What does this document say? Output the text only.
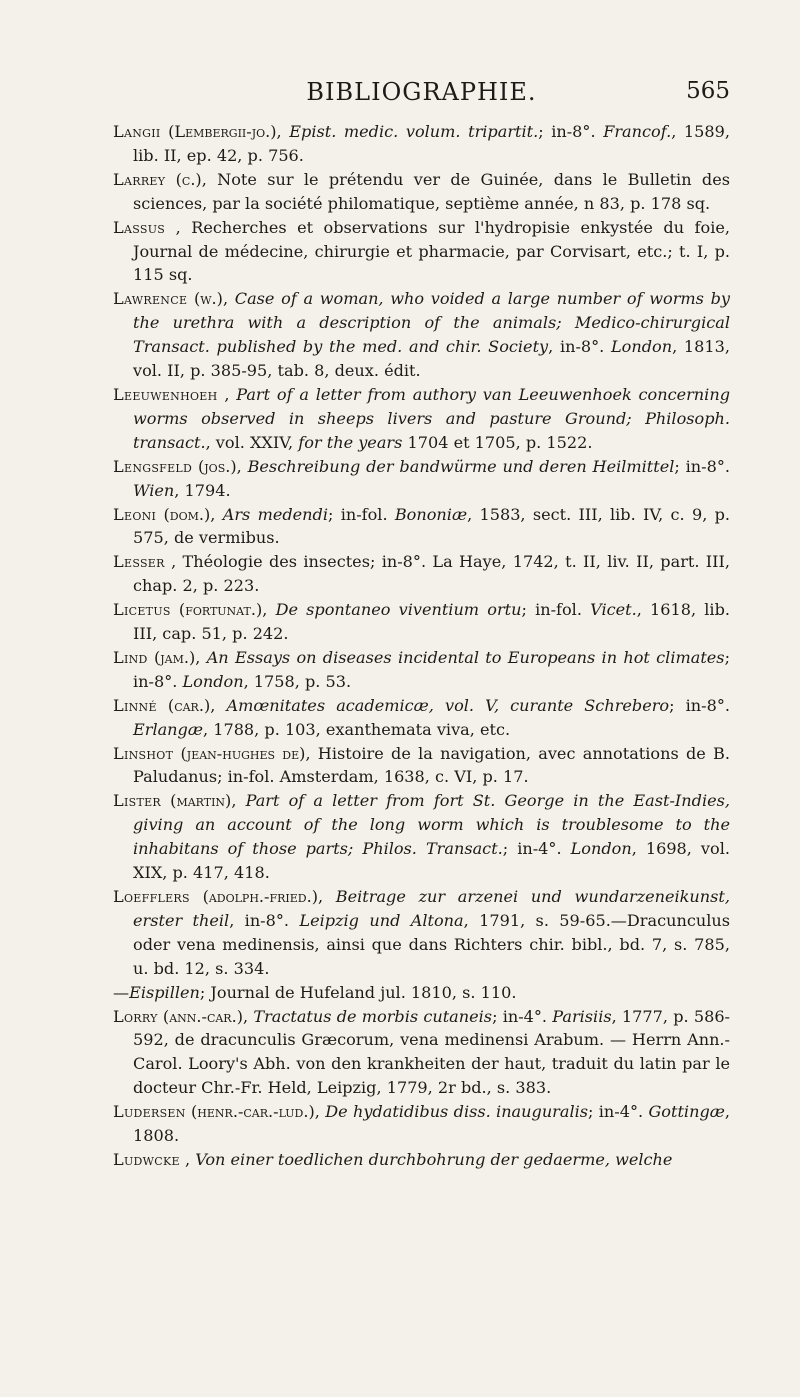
BIBLIOGRAPHIE.	565

Langii (Lembergii-jo.), Epist. medic. volum. tripartit.; in-8°. Francof., 1589, lib. II, ep. 42, p. 756.

Larrey (c.), Note sur le prétendu ver de Guinée, dans le Bulletin des sciences, par la société philomatique, septième année, n 83, p. 178 sq.

Lassus , Recherches et observations sur l'hydropisie enkystée du foie, Journal de médecine, chirurgie et pharmacie, par Corvisart, etc.; t. I, p. 115 sq.

Lawrence (w.), Case of a woman, who voided a large number of worms by the urethra with a description of the animals; Medico-chirurgical Transact. published by the med. and chir. Society, in-8°. London, 1813, vol. II, p. 385-95, tab. 8, deux. édit.

Leeuwenhoeh , Part of a letter from authory van Leeuwenhoek concerning worms observed in sheeps livers and pasture Ground; Philosoph. transact., vol. XXIV, for the years 1704 et 1705, p. 1522.

Lengsfeld (jos.), Beschreibung der bandwürme und deren Heilmittel; in-8°. Wien, 1794.

Leoni (dom.), Ars medendi; in-fol. Bononiæ, 1583, sect. III, lib. IV, c. 9, p. 575, de vermibus.

Lesser , Théologie des insectes; in-8°. La Haye, 1742, t. II, liv. II, part. III, chap. 2, p. 223.

Licetus (fortunat.), De spontaneo viventium ortu; in-fol. Vicet., 1618, lib. III, cap. 51, p. 242.

Lind (jam.), An Essays on diseases incidental to Europeans in hot climates; in-8°. London, 1758, p. 53.

Linné (car.), Amœnitates academicæ, vol. V, curante Schrebero; in-8°. Erlangæ, 1788, p. 103, exanthemata viva, etc.

Linshot (jean-hughes de), Histoire de la navigation, avec annotations de B. Paludanus; in-fol. Amsterdam, 1638, c. VI, p. 17.

Lister (martin), Part of a letter from fort St. George in the East-Indies, giving an account of the long worm which is troublesome to the inhabitans of those parts; Philos. Transact.; in-4°. London, 1698, vol. XIX, p. 417, 418.

Loefflers (adolph.-fried.), Beitrage zur arzenei und wundarzeneikunst, erster theil, in-8°. Leipzig und Altona, 1791, s. 59-65.—Dracunculus oder vena medinensis, ainsi que dans Richters chir. bibl., bd. 7, s. 785, u. bd. 12, s. 334.

—Eispillen; Journal de Hufeland jul. 1810, s. 110.

Lorry (ann.-car.), Tractatus de morbis cutaneis; in-4°. Parisiis, 1777, p. 586-592, de dracunculis Græcorum, vena medinensi Arabum. — Herrn Ann.-Carol. Loory's Abh. von den krankheiten der haut, traduit du latin par le docteur Chr.-Fr. Held, Leipzig, 1779, 2r bd., s. 383.

Ludersen (henr.-car.-lud.), De hydatidibus diss. inauguralis; in-4°. Gottingæ, 1808.

Ludwcke , Von einer toedlichen durchbohrung der gedaerme, welche
